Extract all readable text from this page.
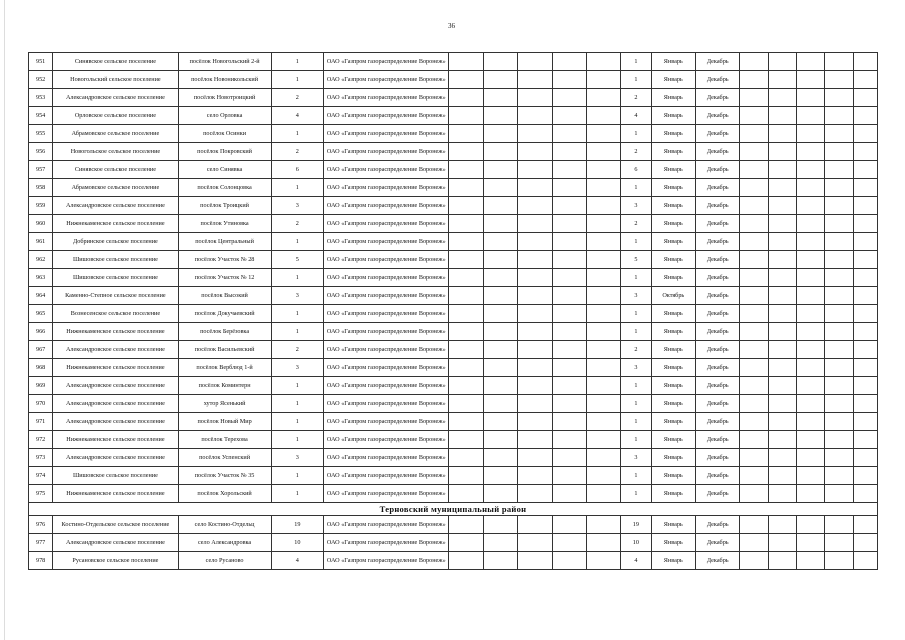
36
951	Синявское сельское поселение	посёлок Новогольский 2-й	1	ОАО «Газпром газораспределение Воронеж»						1	Январь	Декабрь					
952	Новогольский сельское поселение	посёлок Новоникольский	1	ОАО «Газпром газораспределение Воронеж»						1	Январь	Декабрь					
953	Александровское сельское поселение	посёлок Новотроицкий	2	ОАО «Газпром газораспределение Воронеж»						2	Январь	Декабрь					
954	Орловское сельское поселение	село Орловка	4	ОАО «Газпром газораспределение Воронеж»						4	Январь	Декабрь					
955	Абрамовское сельское поселение	посёлок Осинки	1	ОАО «Газпром газораспределение Воронеж»						1	Январь	Декабрь					
956	Новогольское сельское поселение	посёлок Покровский	2	ОАО «Газпром газораспределение Воронеж»						2	Январь	Декабрь					
957	Синявское сельское поселение	село Синявка	6	ОАО «Газпром газораспределение Воронеж»						6	Январь	Декабрь					
958	Абрамовское сельское поселение	посёлок Солонцовка	1	ОАО «Газпром газораспределение Воронеж»						1	Январь	Декабрь					
959	Александровское сельское поселение	посёлок Троицкий	3	ОАО «Газпром газораспределение Воронеж»						3	Январь	Декабрь					
960	Нижнекаменское сельское поселение	посёлок Утиновка	2	ОАО «Газпром газораспределение Воронеж»						2	Январь	Декабрь					
961	Добринское сельское поселение	посёлок Центральный	1	ОАО «Газпром газораспределение Воронеж»						1	Январь	Декабрь					
962	Шишовское сельское поселение	посёлок Участок № 28	5	ОАО «Газпром газораспределение Воронеж»						5	Январь	Декабрь					
963	Шишовское сельское поселение	посёлок Участок № 12	1	ОАО «Газпром газораспределение Воронеж»						1	Январь	Декабрь					
964	Каменно-Степное сельское поселение	посёлок Высокий	3	ОАО «Газпром газораспределение Воронеж»						3	Октябрь	Декабрь					
965	Вознесенское сельское поселение	посёлок Докучаевский	1	ОАО «Газпром газораспределение Воронеж»						1	Январь	Декабрь					
966	Нижнекаменское сельское поселение	посёлок Берёзовка	1	ОАО «Газпром газораспределение Воронеж»						1	Январь	Декабрь					
967	Александровское сельское поселение	посёлок Васильевский	2	ОАО «Газпром газораспределение Воронеж»						2	Январь	Декабрь					
968	Нижнекаменское сельское поселение	посёлок Верблюд 1-й	3	ОАО «Газпром газораспределение Воронеж»						3	Январь	Декабрь					
969	Александровское сельское поселение	посёлок Коминтерн	1	ОАО «Газпром газораспределение Воронеж»						1	Январь	Декабрь					
970	Александровское сельское поселение	хутор Ясенький	1	ОАО «Газпром газораспределение Воронеж»						1	Январь	Декабрь					
971	Александровское сельское поселение	посёлок Новый Мир	1	ОАО «Газпром газораспределение Воронеж»						1	Январь	Декабрь					
972	Нижнекаменское сельское поселение	посёлок Тереховa	1	ОАО «Газпром газораспределение Воронеж»						1	Январь	Декабрь					
973	Александровское сельское поселение	посёлок Успенский	3	ОАО «Газпром газораспределение Воронеж»						3	Январь	Декабрь					
974	Шишовское сельское поселение	посёлок Участок № 35	1	ОАО «Газпром газораспределение Воронеж»						1	Январь	Декабрь					
975	Нижнекаменское сельское поселение	посёлок Хорольский	1	ОАО «Газпром газораспределение Воронеж»						1	Январь	Декабрь					
Терновский муниципальный район																	
976	Костино-Отдельское сельское поселение	село Костино-Отдельц	19	ОАО «Газпром газораспределение Воронеж»						19	Январь	Декабрь					
977	Александровское сельское поселение	село Александровка	10	ОАО «Газпром газораспределение Воронеж»						10	Январь	Декабрь					
978	Русановское сельское поселение	село Русаново	4	ОАО «Газпром газораспределение Воронеж»						4	Январь	Декабрь					
